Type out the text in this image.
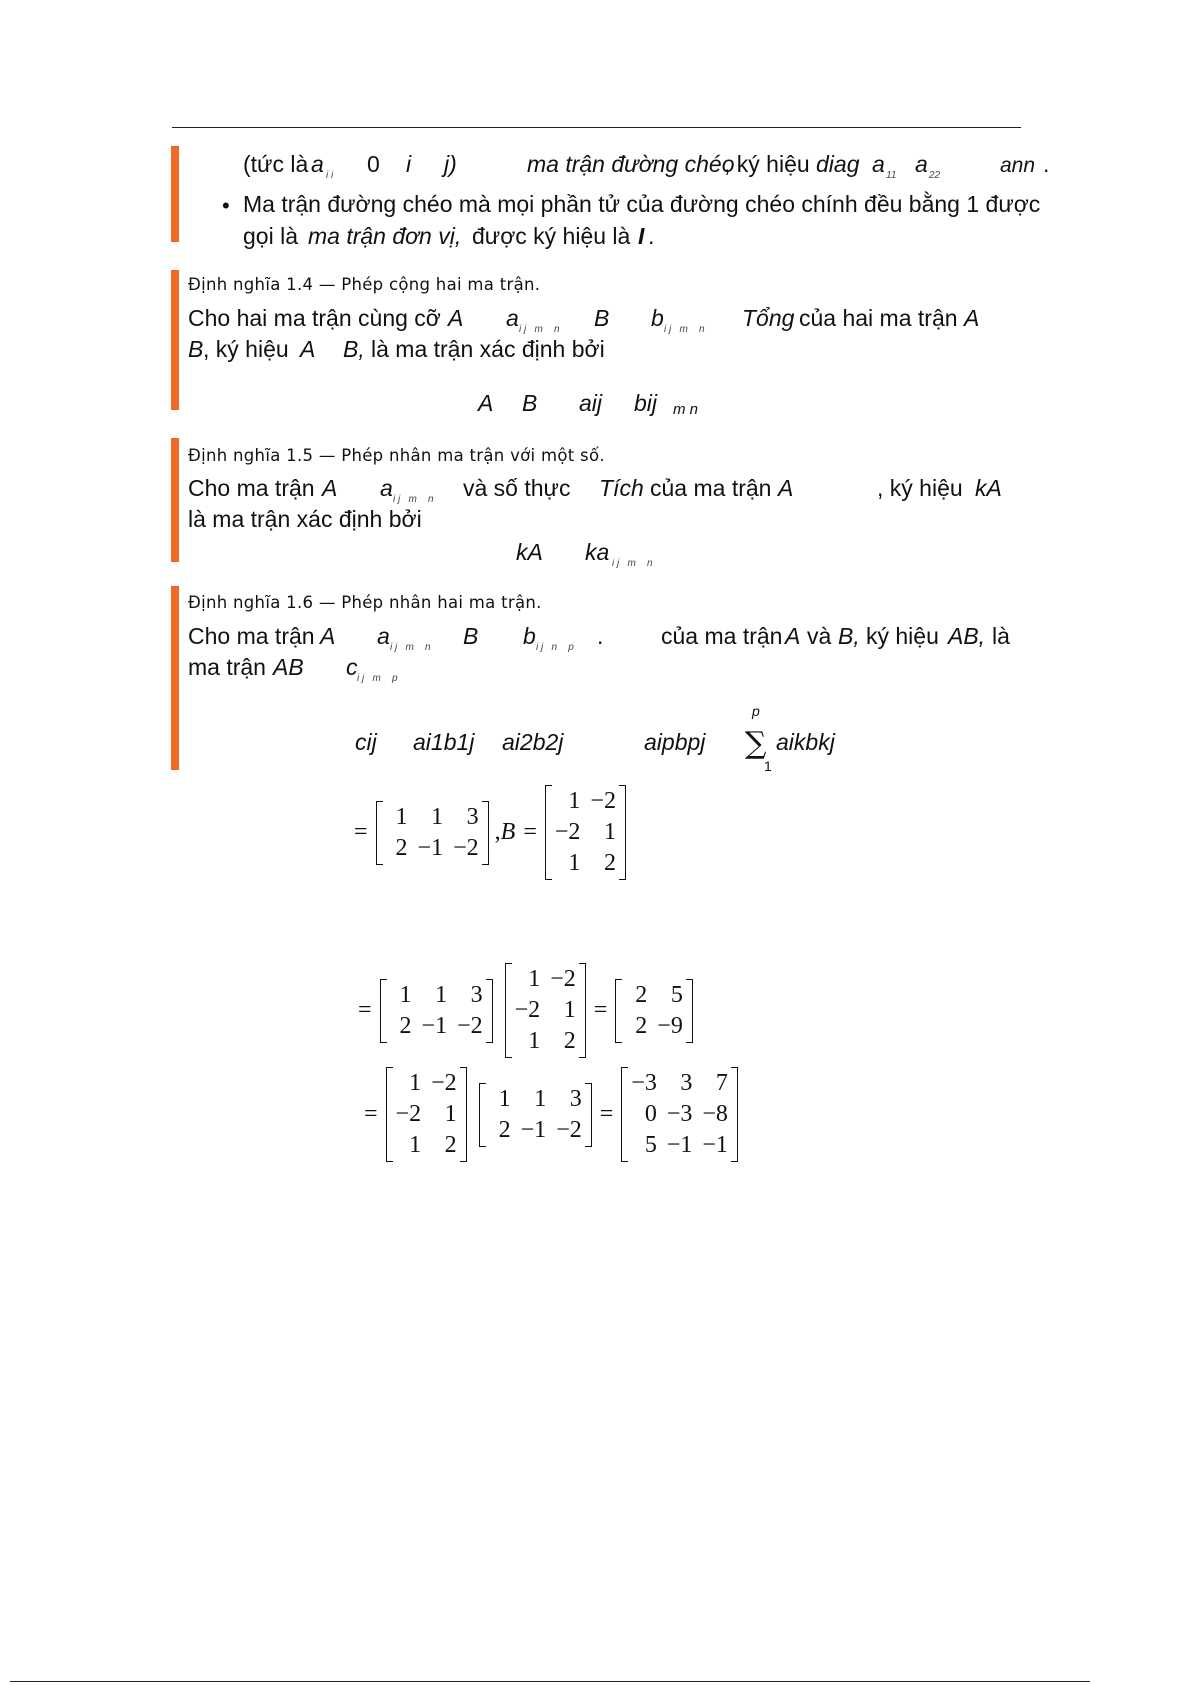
(tức là a i i 0 i j)	ma trận đường chéo
, ký hiệu diag a 11 a 22	ann .
• Ma trận đường chéo mà mọi phần tử của đường chéo chính đều bằng 1 được
gọi là ma trận đơn vị, được ký hiệu là I .
Định nghĩa 1.4 — Phép cộng hai ma trận.
Cho hai ma trận cùng cỡ A a i j   m    n B b i j   m    n Tổng của hai ma trận A
B , ký hiệu A B, là ma trận xác định bởi
A B aij bij m n
Định nghĩa 1.5 — Phép nhân ma trận với một số.
Cho ma trận A a i j   m    n và số thực Tích của ma trận A	, ký hiệu kA
là ma trận xác định bởi
kA ka i j   m    n
Định nghĩa 1.6 — Phép nhân hai ma trận.
Cho ma trận A a i j   m    n B b i j   n    p .	của ma trận A và B, ký hiệu AB, là
ma trận AB c i j   m    p
p
cij ai1b1j ai2b2j	aipbpj ∑ aikbkj
1
=
1 1 3
2 −1 −2
, B =
1 −2
−2 1
1 2
=
1 1 3
2 −1 −2
1 −2
−2 1
1 2
=
2 5
2 −9
=
1 −2
−2 1
1 2
1 1 3
2 −1 −2
=
−3 3 7
0 −3 −8
5 −1 −1
